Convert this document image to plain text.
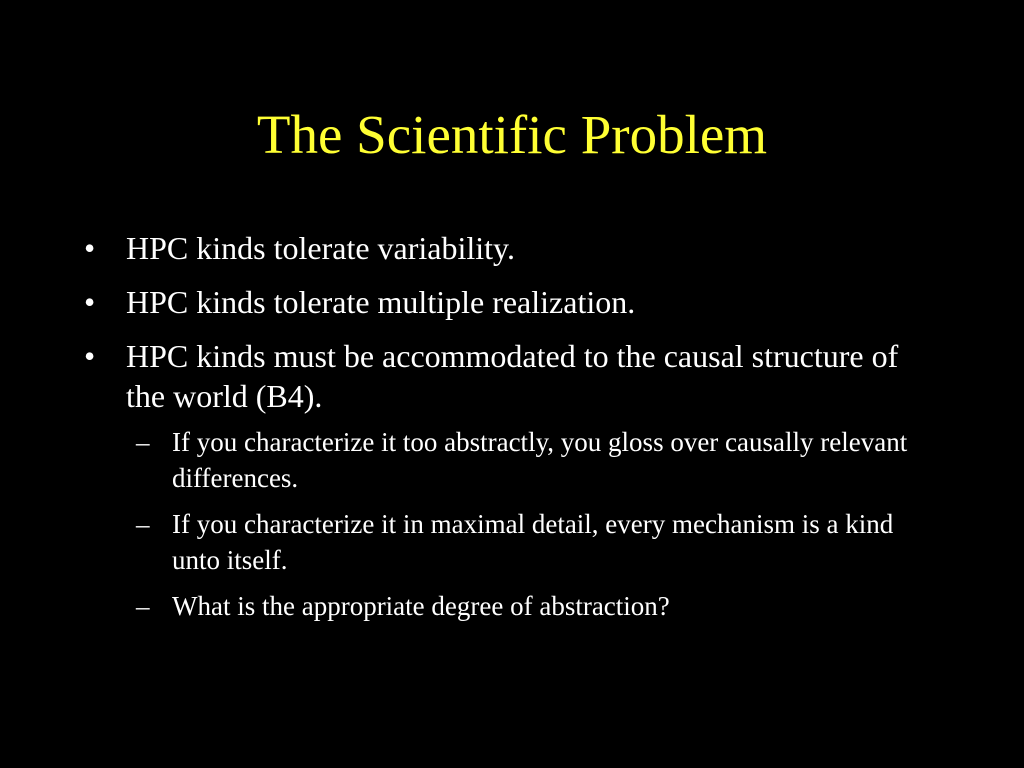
The Scientific Problem
• HPC kinds tolerate variability.
• HPC kinds tolerate multiple realization.
• HPC kinds must be accommodated to the causal structure of the world (B4).
– If you characterize it too abstractly, you gloss over causally relevant differences.
– If you characterize it in maximal detail, every mechanism is a kind unto itself.
– What is the appropriate degree of abstraction?
